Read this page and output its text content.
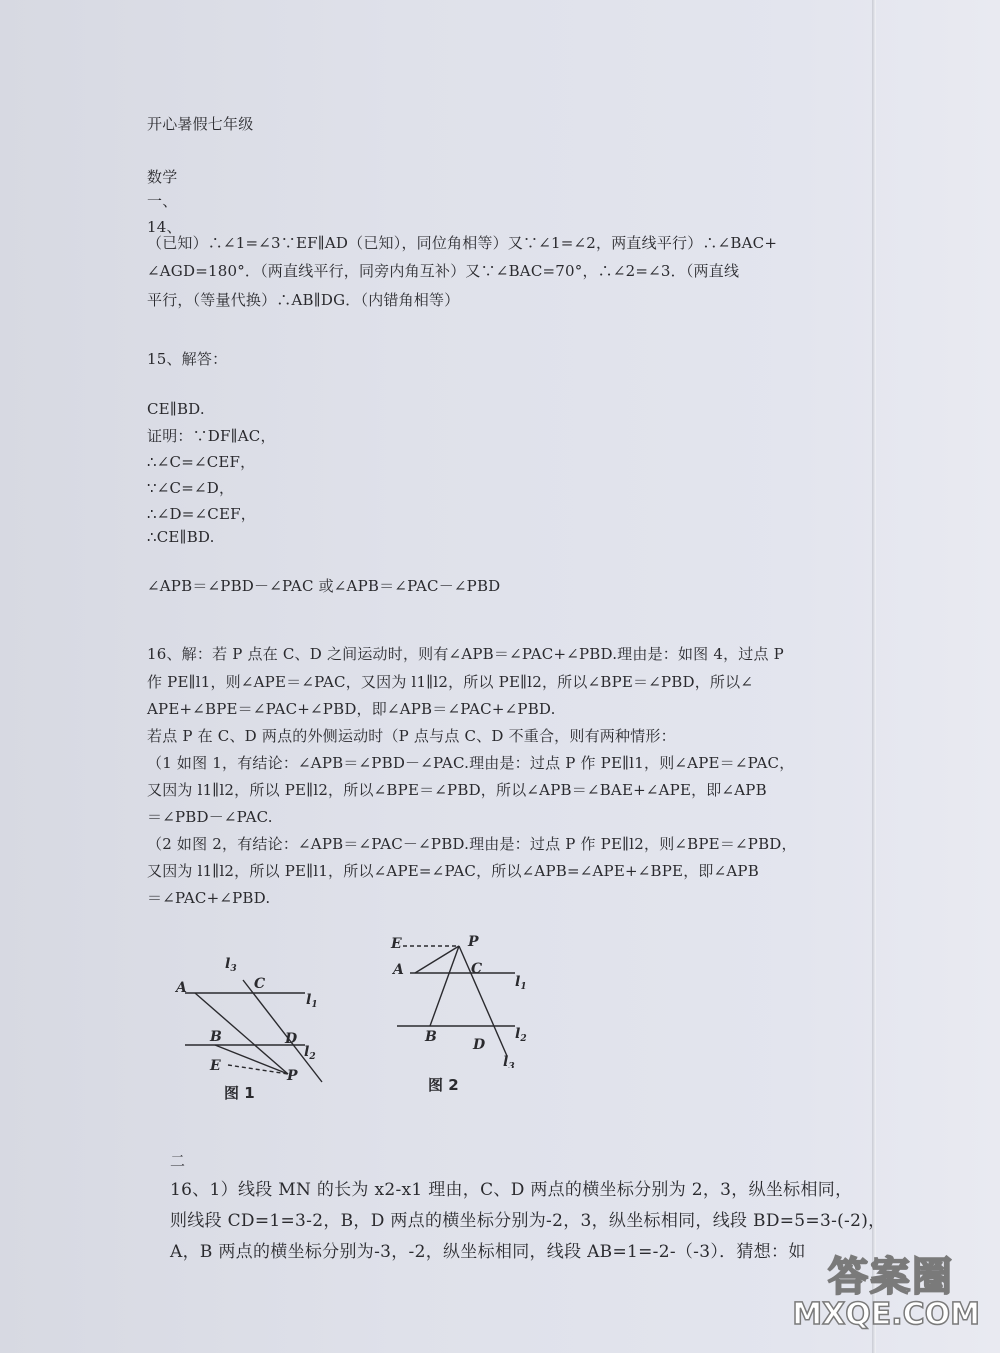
开心暑假七年级
数学
一、
14、
（已知）∴∠1=∠3∵EF∥AD（已知），同位角相等）又∵∠1=∠2，两直线平行）∴∠BAC+
∠AGD=180°．（两直线平行，同旁内角互补）又∵∠BAC=70°，∴∠2=∠3．（两直线
平行，（等量代换）∴AB∥DG．（内错角相等）
15、解答：
CE∥BD.
证明：∵DF∥AC，
∴∠C=∠CEF，
∵∠C=∠D，
∴∠D=∠CEF，
∴CE∥BD.
∠APB＝∠PBD－∠PAC 或∠APB＝∠PAC－∠PBD
16、解：若 P 点在 C、D 之间运动时，则有∠APB＝∠PAC+∠PBD.理由是：如图 4，过点 P
作 PE∥l1，则∠APE＝∠PAC，又因为 l1∥l2，所以 PE∥l2，所以∠BPE＝∠PBD，所以∠
APE+∠BPE＝∠PAC+∠PBD，即∠APB＝∠PAC+∠PBD.
若点 P 在 C、D 两点的外侧运动时（P 点与点 C、D 不重合，则有两种情形：
（1 如图 1，有结论：∠APB＝∠PBD－∠PAC.理由是：过点 P 作 PE∥l1，则∠APE＝∠PAC，
又因为 l1∥l2，所以 PE∥l2，所以∠BPE＝∠PBD，所以∠APB＝∠BAE+∠APE，即∠APB
＝∠PBD－∠PAC.
（2 如图 2，有结论：∠APB＝∠PAC－∠PBD.理由是：过点 P 作 PE∥l2，则∠BPE＝∠PBD，
又因为 l1∥l2，所以 PE∥l1，所以∠APE=∠PAC，所以∠APB=∠APE+∠BPE，即∠APB
＝∠PAC+∠PBD.
$l_3$
A	C
$l_1$
B	D
$l_2$
E
P
图 1
E	P
A	C
$l_1$
B	D
$l_2$
$l_3$
图 2
二
16、1）线段 MN 的长为 x2-x1 理由，C、D 两点的横坐标分别为 2，3，纵坐标相同，
则线段 CD=1=3-2，B，D 两点的横坐标分别为-2，3，纵坐标相同，线段 BD=5=3-(-2)，
A，B 两点的横坐标分别为-3，-2，纵坐标相同，线段 AB=1=-2-（-3）．猜想：如
答案圈
MXQE.COM
